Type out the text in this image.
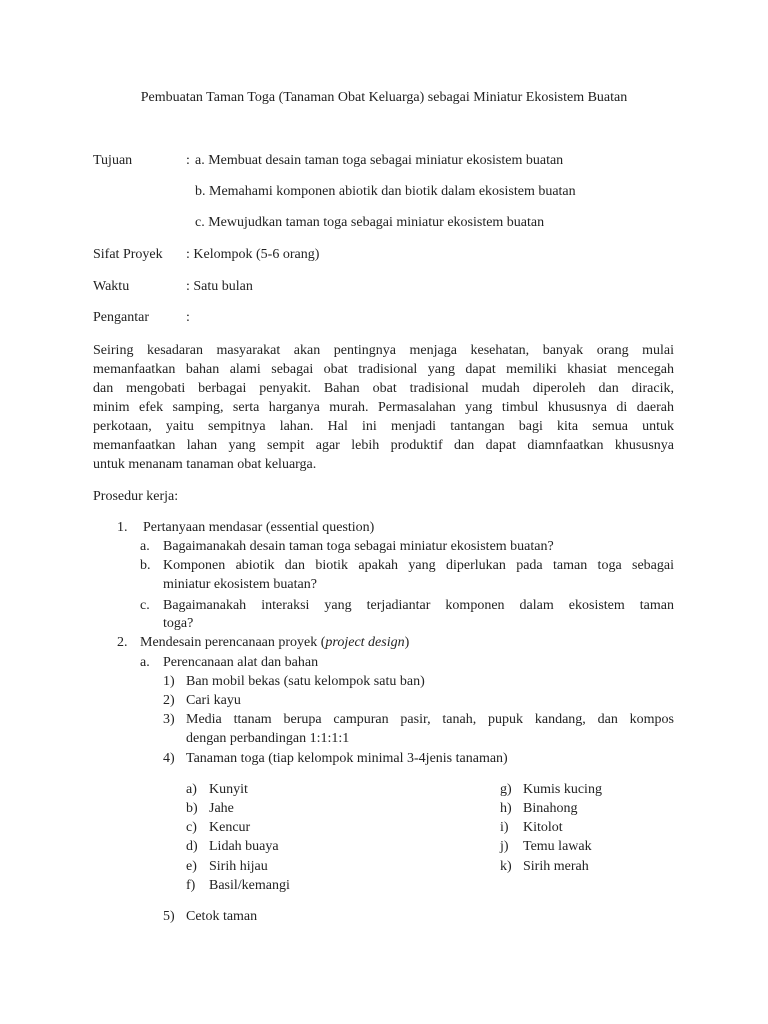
Pembuatan Taman Toga (Tanaman Obat Keluarga) sebagai Miniatur Ekosistem Buatan
Tujuan	: a. Membuat desain taman toga sebagai miniatur ekosistem buatan
b. Memahami komponen abiotik dan biotik dalam ekosistem buatan
c. Mewujudkan taman toga sebagai miniatur ekosistem buatan
Sifat Proyek : Kelompok (5-6 orang)
Waktu	: Satu bulan
Pengantar	:
Seiring kesadaran masyarakat akan pentingnya menjaga kesehatan, banyak orang mulai
memanfaatkan bahan alami sebagai obat tradisional yang dapat memiliki khasiat mencegah
dan mengobati berbagai penyakit. Bahan obat tradisional mudah diperoleh dan diracik,
minim efek samping, serta harganya murah. Permasalahan yang timbul khususnya di daerah
perkotaan, yaitu sempitnya lahan. Hal ini menjadi tantangan bagi kita semua untuk
memanfaatkan lahan yang sempit agar lebih produktif dan dapat diamnfaatkan khususnya
untuk menanam tanaman obat keluarga.
Prosedur kerja:
1. Pertanyaan mendasar (essential question)
a. Bagaimanakah desain taman toga sebagai miniatur ekosistem buatan?
b. Komponen abiotik dan biotik apakah yang diperlukan pada taman toga sebagai
miniatur ekosistem buatan?
c. Bagaimanakah interaksi yang terjadiantar komponen dalam ekosistem taman
toga?
2. Mendesain perencanaan proyek (project design)
a. Perencanaan alat dan bahan
1) Ban mobil bekas (satu kelompok satu ban)
2) Cari kayu
3) Media ttanam berupa campuran pasir, tanah, pupuk kandang, dan kompos
dengan perbandingan 1:1:1:1
4) Tanaman toga (tiap kelompok minimal 3-4jenis tanaman)
a) Kunyit
b) Jahe
c) Kencur
d) Lidah buaya
e) Sirih hijau
f) Basil/kemangi
g) Kumis kucing
h) Binahong
i) Kitolot
j) Temu lawak
k) Sirih merah
5) Cetok taman
